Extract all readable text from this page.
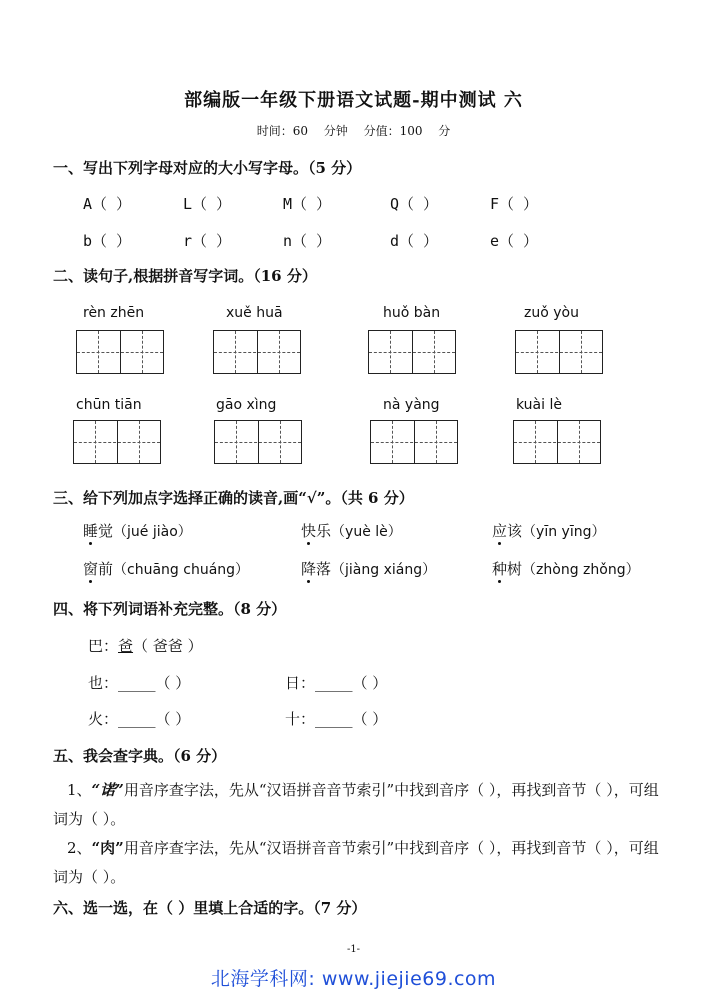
部编版一年级下册语文试题-期中测试 六
时间：60 分钟 分值：100 分
一、写出下列字母对应的大小写字母。（5 分）
A（ ）	L（ ）	M（ ）	Q（ ）	F（ ）
b（ ）	r（ ）	n（ ）	d（ ）	e（ ）
二、读句子,根据拼音写字词。（16 分）
rèn zhēn	xuě huā	huǒ bàn	zuǒ yòu
chūn tiān	gāo xìng	nà yàng	kuài lè
三、给下列加点字选择正确的读音,画“√”。（共 6 分）
睡觉（jué jiào）	快乐（yuè lè）	应该（yīn yīng）
窗前（chuāng chuáng）	降落（jiàng xiáng）	种树（zhòng zhǒng）
四、将下列词语补充完整。（8 分）
巴：爸（ 爸爸 ）
也：_____（ ）	日：_____（ ）
火：_____（ ）	十：_____（ ）
五、我会查字典。（6 分）
1、“诺”用音序查字法，先从“汉语拼音音节索引”中找到音序（ ），再找到音节（ ），可组词为（ ）。
2、“肉”用音序查字法，先从“汉语拼音音节索引”中找到音序（ ），再找到音节（ ），可组词为（ ）。
六、选一选，在（ ）里填上合适的字。（7 分）
-1-
北海学科网: www.jiejie69.com
